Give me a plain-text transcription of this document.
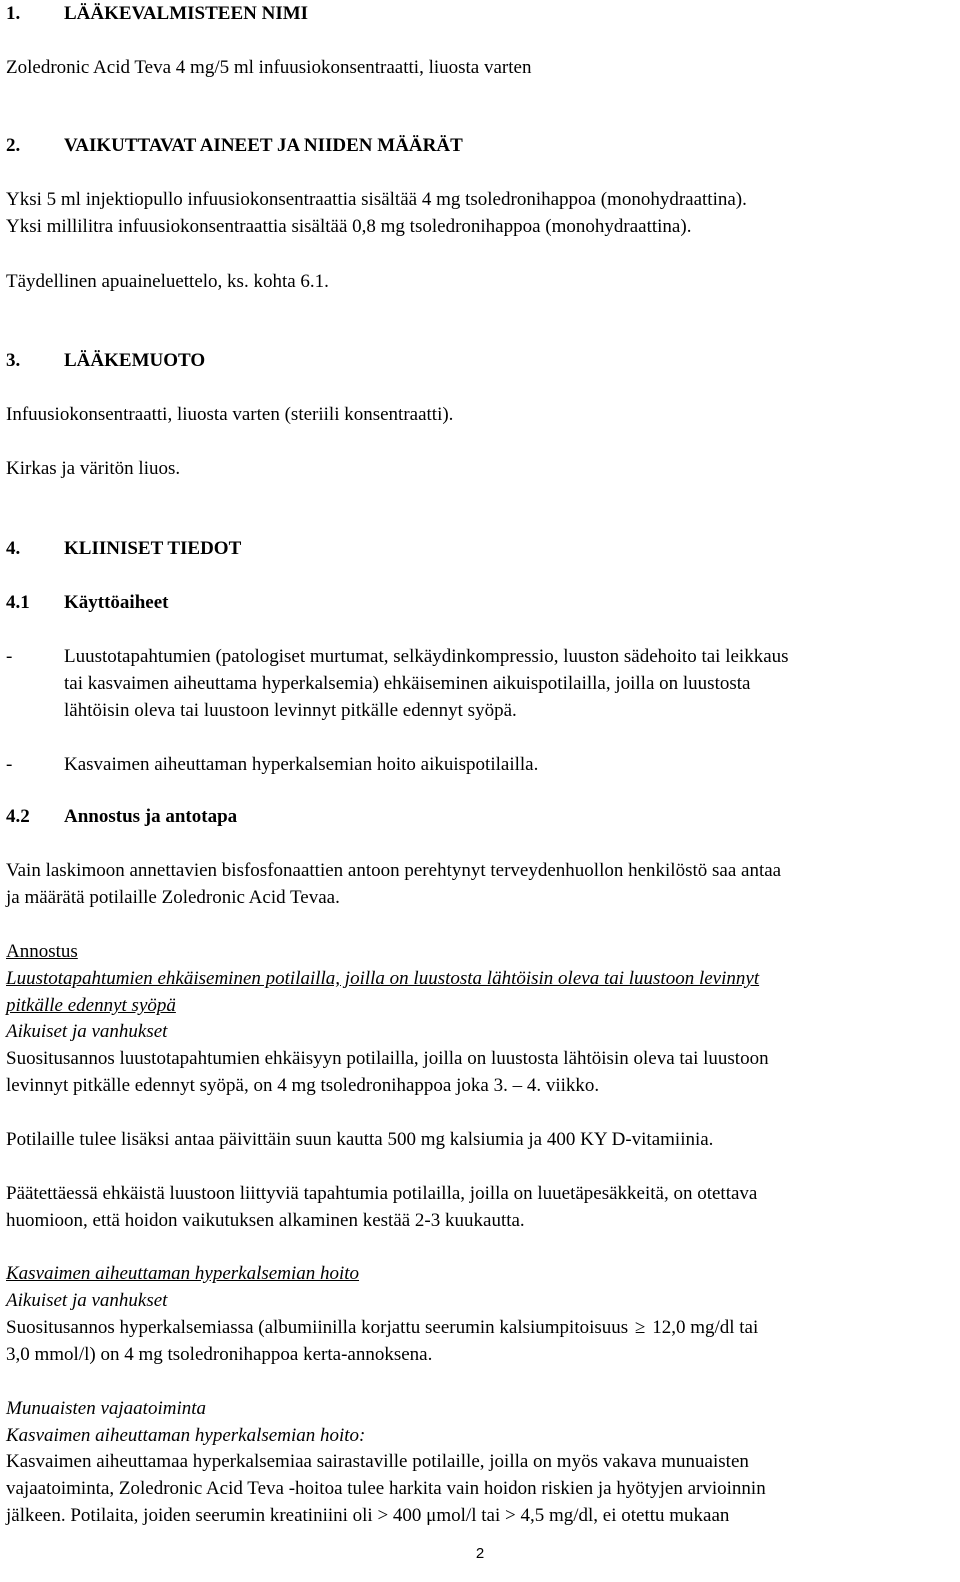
1. LÄÄKEVALMISTEEN NIMI

Zoledronic Acid Teva 4 mg/5 ml infuusiokonsentraatti, liuosta varten

2. VAIKUTTAVAT AINEET JA NIIDEN MÄÄRÄT

Yksi 5 ml injektiopullo infuusiokonsentraattia sisältää 4 mg tsoledronihappoa (monohydraattina).

Yksi millilitra infuusiokonsentraattia sisältää 0,8 mg tsoledronihappoa (monohydraattina).

Täydellinen apuaineluettelo, ks. kohta 6.1.

3. LÄÄKEMUOTO

Infuusiokonsentraatti, liuosta varten (steriili konsentraatti).

Kirkas ja väritön liuos.

4. KLIINISET TIEDOT
4.1 Käyttöaiheet
-	Luustotapahtumien (patologiset murtumat, selkäydinkompressio, luuston sädehoito tai leikkaus

tai kasvaimen aiheuttama hyperkalsemia) ehkäiseminen aikuispotilailla, joilla on luustosta

lähtöisin oleva tai luustoon levinnyt pitkälle edennyt syöpä.

-	Kasvaimen aiheuttaman hyperkalsemian hoito aikuispotilailla.

4.2 Annostus ja antotapa

Vain laskimoon annettavien bisfosfonaattien antoon perehtynyt terveydenhuollon henkilöstö saa antaa

ja määrätä potilaille Zoledronic Acid Tevaa.

Annostus

Luustotapahtumien ehkäiseminen potilailla, joilla on luustosta lähtöisin oleva tai luustoon levinnyt

pitkälle edennyt syöpä

Aikuiset ja vanhukset

Suositusannos luustotapahtumien ehkäisyyn potilailla, joilla on luustosta lähtöisin oleva tai luustoon

levinnyt pitkälle edennyt syöpä, on 4 mg tsoledronihappoa joka 3. – 4. viikko.

Potilaille tulee lisäksi antaa päivittäin suun kautta 500 mg kalsiumia ja 400 KY D-vitamiinia.

Päätettäessä ehkäistä luustoon liittyviä tapahtumia potilailla, joilla on luuetäpesäkkeitä, on otettava

huomioon, että hoidon vaikutuksen alkaminen kestää 2-3 kuukautta.

Kasvaimen aiheuttaman hyperkalsemian hoito

Aikuiset ja vanhukset

Suositusannos hyperkalsemiassa (albumiinilla korjattu seerumin kalsiumpitoisuus ≥ 12,0 mg/dl tai

3,0 mmol/l) on 4 mg tsoledronihappoa kerta-annoksena.

Munuaisten vajaatoiminta

Kasvaimen aiheuttaman hyperkalsemian hoito:

Kasvaimen aiheuttamaa hyperkalsemiaa sairastaville potilaille, joilla on myös vakava munuaisten

vajaatoiminta, Zoledronic Acid Teva -hoitoa tulee harkita vain hoidon riskien ja hyötyjen arvioinnin

jälkeen. Potilaita, joiden seerumin kreatiniini oli > 400 μmol/l tai > 4,5 mg/dl, ei otettu mukaan

2
